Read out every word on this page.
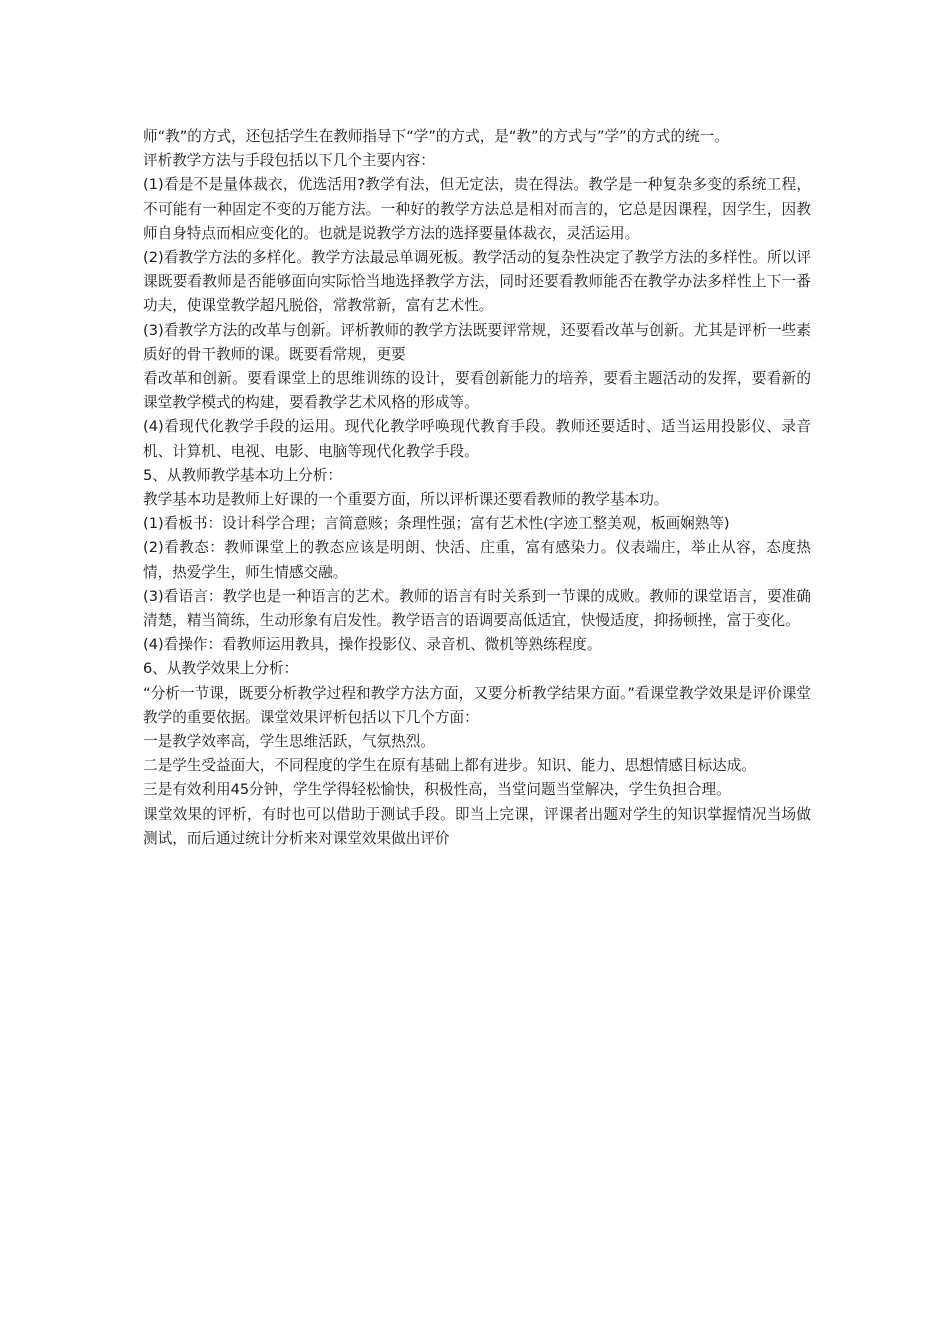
师“教”的方式，还包括学生在教师指导下“学”的方式，是“教”的方式与”学”的方式的统一。

评析教学方法与手段包括以下几个主要内容：

(1)看是不是量体裁衣，优选活用?教学有法，但无定法，贵在得法。教学是一种复杂多变的系统工程，不可能有一种固定不变的万能方法。一种好的教学方法总是相对而言的，它总是因课程，因学生，因教师自身特点而相应变化的。也就是说教学方法的选择要量体裁衣，灵活运用。

(2)看教学方法的多样化。教学方法最忌单调死板。教学活动的复杂性决定了教学方法的多样性。所以评课既要看教师是否能够面向实际恰当地选择教学方法，同时还要看教师能否在教学办法多样性上下一番功夫，使课堂教学超凡脱俗，常教常新，富有艺术性。

(3)看教学方法的改革与创新。评析教师的教学方法既要评常规，还要看改革与创新。尤其是评析一些素质好的骨干教师的课。既要看常规，更要

看改革和创新。要看课堂上的思维训练的设计，要看创新能力的培养，要看主题活动的发挥，要看新的课堂教学模式的构建，要看教学艺术风格的形成等。

(4)看现代化教学手段的运用。现代化教学呼唤现代教育手段。教师还要适时、适当运用投影仪、录音机、计算机、电视、电影、电脑等现代化教学手段。

5、从教师教学基本功上分析：

教学基本功是教师上好课的一个重要方面，所以评析课还要看教师的教学基本功。

(1)看板书：设计科学合理；言简意赅；条理性强；富有艺术性(字迹工整美观，板画娴熟等)

(2)看教态：教师课堂上的教态应该是明朗、快活、庄重，富有感染力。仪表端庄，举止从容，态度热情，热爱学生，师生情感交融。

(3)看语言：教学也是一种语言的艺术。教师的语言有时关系到一节课的成败。教师的课堂语言，要准确清楚，精当简练，生动形象有启发性。教学语言的语调要高低适宜，快慢适度，抑扬顿挫，富于变化。

(4)看操作：看教师运用教具，操作投影仪、录音机、微机等熟练程度。

6、从教学效果上分析：

“分析一节课，既要分析教学过程和教学方法方面，又要分析教学结果方面。”看课堂教学效果是评价课堂教学的重要依据。课堂效果评析包括以下几个方面：

一是教学效率高，学生思维活跃，气氛热烈。

二是学生受益面大，不同程度的学生在原有基础上都有进步。知识、能力、思想情感目标达成。

三是有效利用45分钟，学生学得轻松愉快，积极性高，当堂问题当堂解决，学生负担合理。

课堂效果的评析，有时也可以借助于测试手段。即当上完课，评课者出题对学生的知识掌握情况当场做测试，而后通过统计分析来对课堂效果做出评价
